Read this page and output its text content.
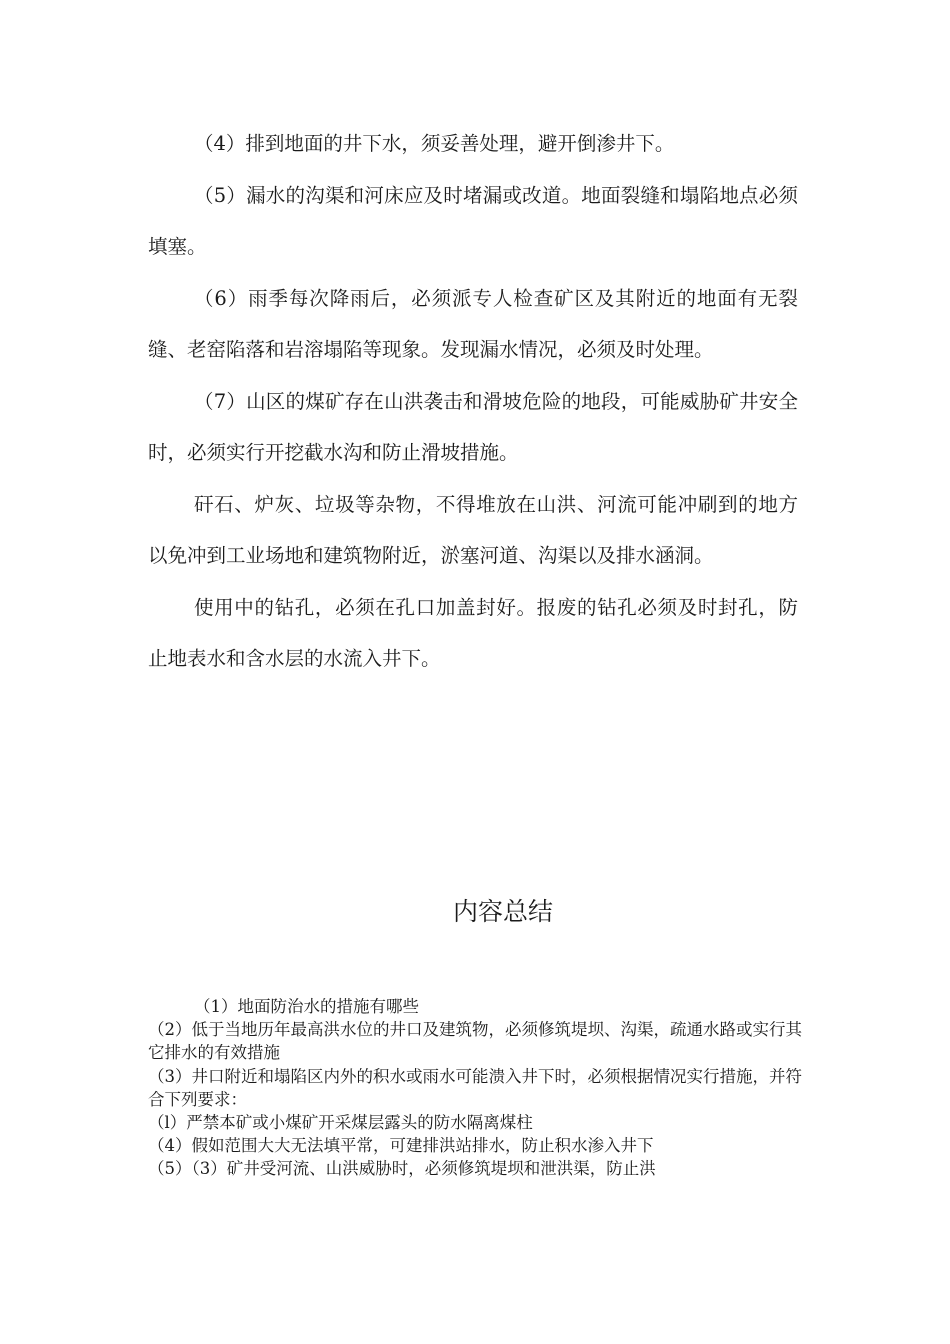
（4）排到地面的井下水，须妥善处理，避开倒渗井下。

（5）漏水的沟渠和河床应及时堵漏或改道。地面裂缝和塌陷地点必须填塞。

（6）雨季每次降雨后，必须派专人检查矿区及其附近的地面有无裂缝、老窑陷落和岩溶塌陷等现象。发现漏水情况，必须及时处理。

（7）山区的煤矿存在山洪袭击和滑坡危险的地段，可能威胁矿井安全时，必须实行开挖截水沟和防止滑坡措施。

矸石、炉灰、垃圾等杂物，不得堆放在山洪、河流可能冲刷到的地方以免冲到工业场地和建筑物附近，淤塞河道、沟渠以及排水涵洞。

使用中的钻孔，必须在孔口加盖封好。报废的钻孔必须及时封孔，防止地表水和含水层的水流入井下。

内容总结

（1）地面防治水的措施有哪些

（2）低于当地历年最高洪水位的井口及建筑物，必须修筑堤坝、沟渠，疏通水路或实行其它排水的有效措施

（3）井口附近和塌陷区内外的积水或雨水可能溃入井下时，必须根据情况实行措施，并符合下列要求：

（l）严禁本矿或小煤矿开采煤层露头的防水隔离煤柱

（4）假如范围大大无法填平常，可建排洪站排水，防止积水渗入井下

（5）（3）矿井受河流、山洪威胁时，必须修筑堤坝和泄洪渠，防止洪
